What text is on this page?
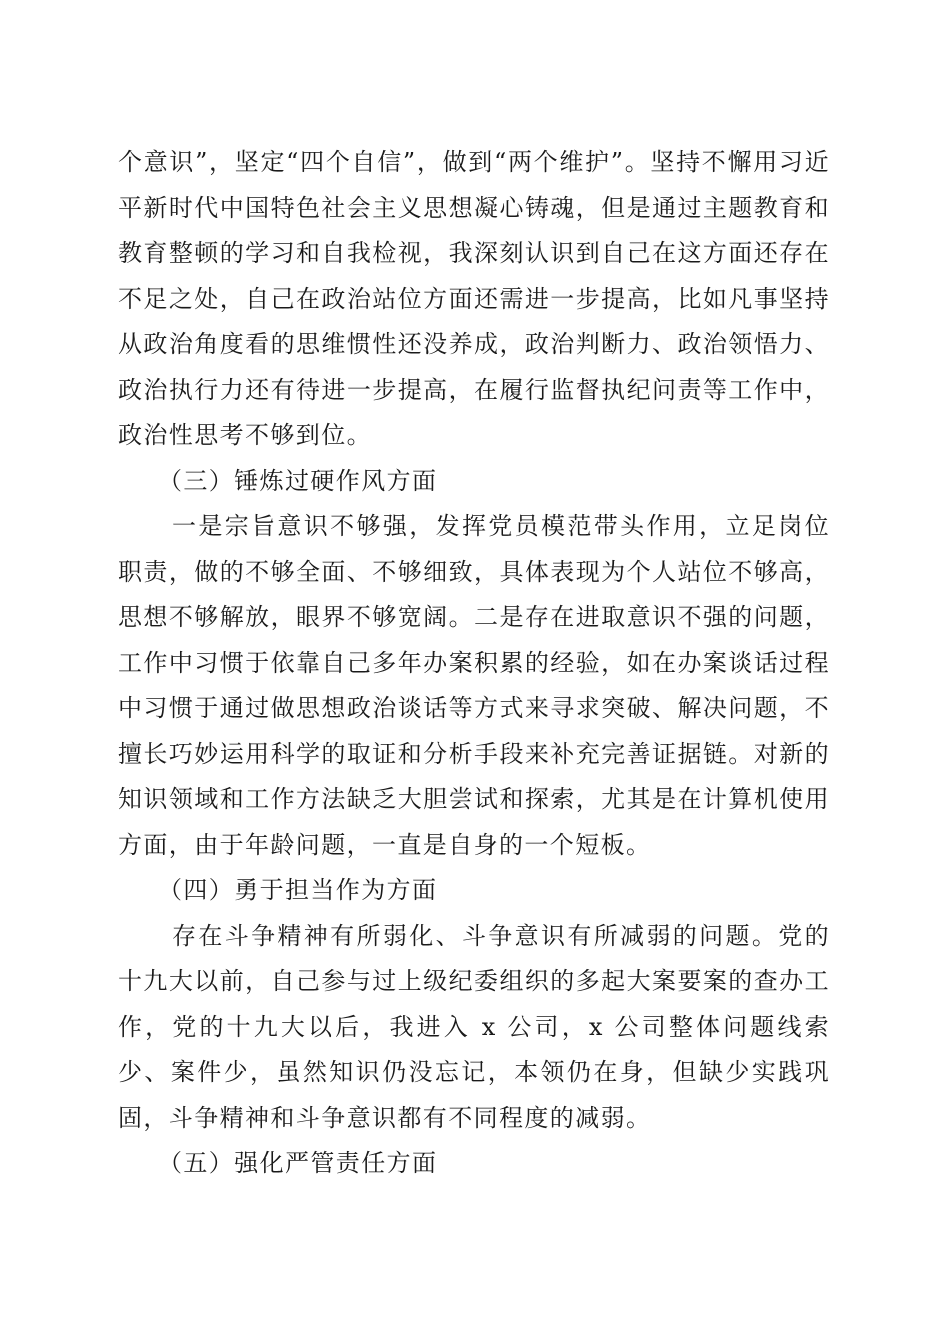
个意识”，坚定“四个自信”，做到“两个维护”。坚持不懈用习近平新时代中国特色社会主义思想凝心铸魂，但是通过主题教育和教育整顿的学习和自我检视，我深刻认识到自己在这方面还存在不足之处，自己在政治站位方面还需进一步提高，比如凡事坚持从政治角度看的思维惯性还没养成，政治判断力、政治领悟力、政治执行力还有待进一步提高，在履行监督执纪问责等工作中，政治性思考不够到位。

（三）锤炼过硬作风方面

一是宗旨意识不够强，发挥党员模范带头作用，立足岗位职责，做的不够全面、不够细致，具体表现为个人站位不够高，思想不够解放，眼界不够宽阔。二是存在进取意识不强的问题，工作中习惯于依靠自己多年办案积累的经验，如在办案谈话过程中习惯于通过做思想政治谈话等方式来寻求突破、解决问题，不擅长巧妙运用科学的取证和分析手段来补充完善证据链。对新的知识领域和工作方法缺乏大胆尝试和探索，尤其是在计算机使用方面，由于年龄问题，一直是自身的一个短板。

（四）勇于担当作为方面

存在斗争精神有所弱化、斗争意识有所减弱的问题。党的十九大以前，自己参与过上级纪委组织的多起大案要案的查办工作，党的十九大以后，我进入 x 公司，x 公司整体问题线索少、案件少，虽然知识仍没忘记，本领仍在身，但缺少实践巩固，斗争精神和斗争意识都有不同程度的减弱。

（五）强化严管责任方面
